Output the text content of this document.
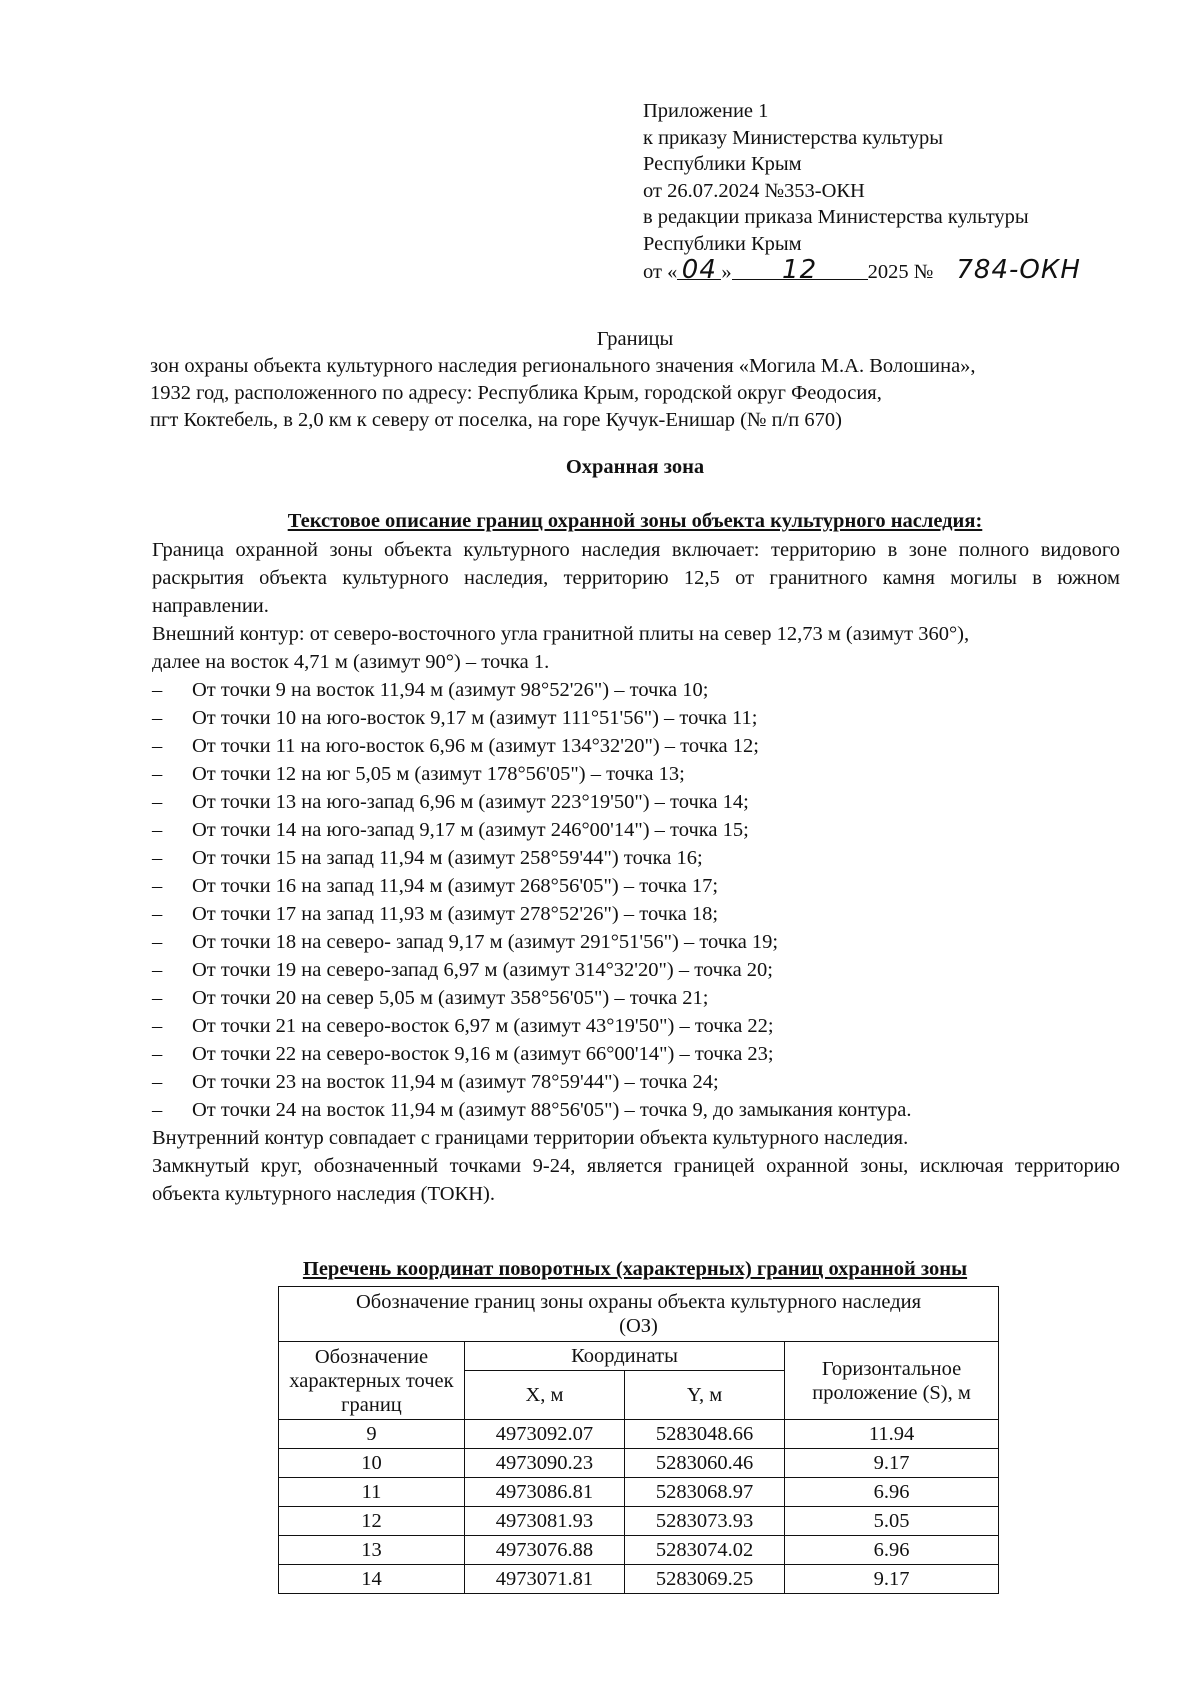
Приложение 1
к приказу Министерства культуры
Республики Крым
от 26.07.2024 №353-ОКН
в редакции приказа Министерства культуры
Республики Крым
от « 04 » 12 2025 № 784-ОКН
Границы
зон охраны объекта культурного наследия регионального значения «Могила М.А. Волошина»,
1932 год, расположенного по адресу: Республика Крым, городской округ Феодосия,
пгт Коктебель, в 2,0 км к северу от поселка, на горе Кучук-Енишар (№ п/п 670)
Охранная зона
Текстовое описание границ охранной зоны объекта культурного наследия:
Граница охранной зоны объекта культурного наследия включает: территорию в зоне полного видового раскрытия объекта культурного наследия, территорию 12,5 от гранитного камня могилы в южном направлении.
Внешний контур: от северо-восточного угла гранитной плиты на север 12,73 м (азимут 360°),
далее на восток 4,71 м (азимут 90°) – точка 1.
–	От точки 9 на восток 11,94 м (азимут 98°52'26") – точка 10;
–	От точки 10 на юго-восток 9,17 м (азимут 111°51'56") – точка 11;
–	От точки 11 на юго-восток 6,96 м (азимут 134°32'20") – точка 12;
–	От точки 12 на юг 5,05 м (азимут 178°56'05") – точка 13;
–	От точки 13 на юго-запад 6,96 м (азимут 223°19'50") – точка 14;
–	От точки 14 на юго-запад 9,17 м (азимут 246°00'14") – точка 15;
–	От точки 15 на запад 11,94 м (азимут 258°59'44") точка 16;
–	От точки 16 на запад 11,94 м (азимут 268°56'05") – точка 17;
–	От точки 17 на запад 11,93 м (азимут 278°52'26") – точка 18;
–	От точки 18 на северо- запад 9,17 м (азимут 291°51'56") – точка 19;
–	От точки 19 на северо-запад 6,97 м (азимут 314°32'20") – точка 20;
–	От точки 20 на север 5,05 м (азимут 358°56'05") – точка 21;
–	От точки 21 на северо-восток 6,97 м (азимут 43°19'50") – точка 22;
–	От точки 22 на северо-восток 9,16 м (азимут 66°00'14") – точка 23;
–	От точки 23 на восток 11,94 м (азимут 78°59'44") – точка 24;
–	От точки 24 на восток 11,94 м (азимут 88°56'05") – точка 9, до замыкания контура.
Внутренний контур совпадает с границами территории объекта культурного наследия.
Замкнутый круг, обозначенный точками 9-24, является границей охранной зоны, исключая территорию объекта культурного наследия (ТОКН).
Перечень координат поворотных (характерных) границ охранной зоны
Обозначение границ зоны охраны объекта культурного наследия
(ОЗ)			

Обозначение характерных точек границ	Координаты		Горизонтальное проложение (S), м
	X, м	Y, м	
9	4973092.07	5283048.66	11.94
10	4973090.23	5283060.46	9.17
11	4973086.81	5283068.97	6.96
12	4973081.93	5283073.93	5.05
13	4973076.88	5283074.02	6.96
14	4973071.81	5283069.25	9.17
